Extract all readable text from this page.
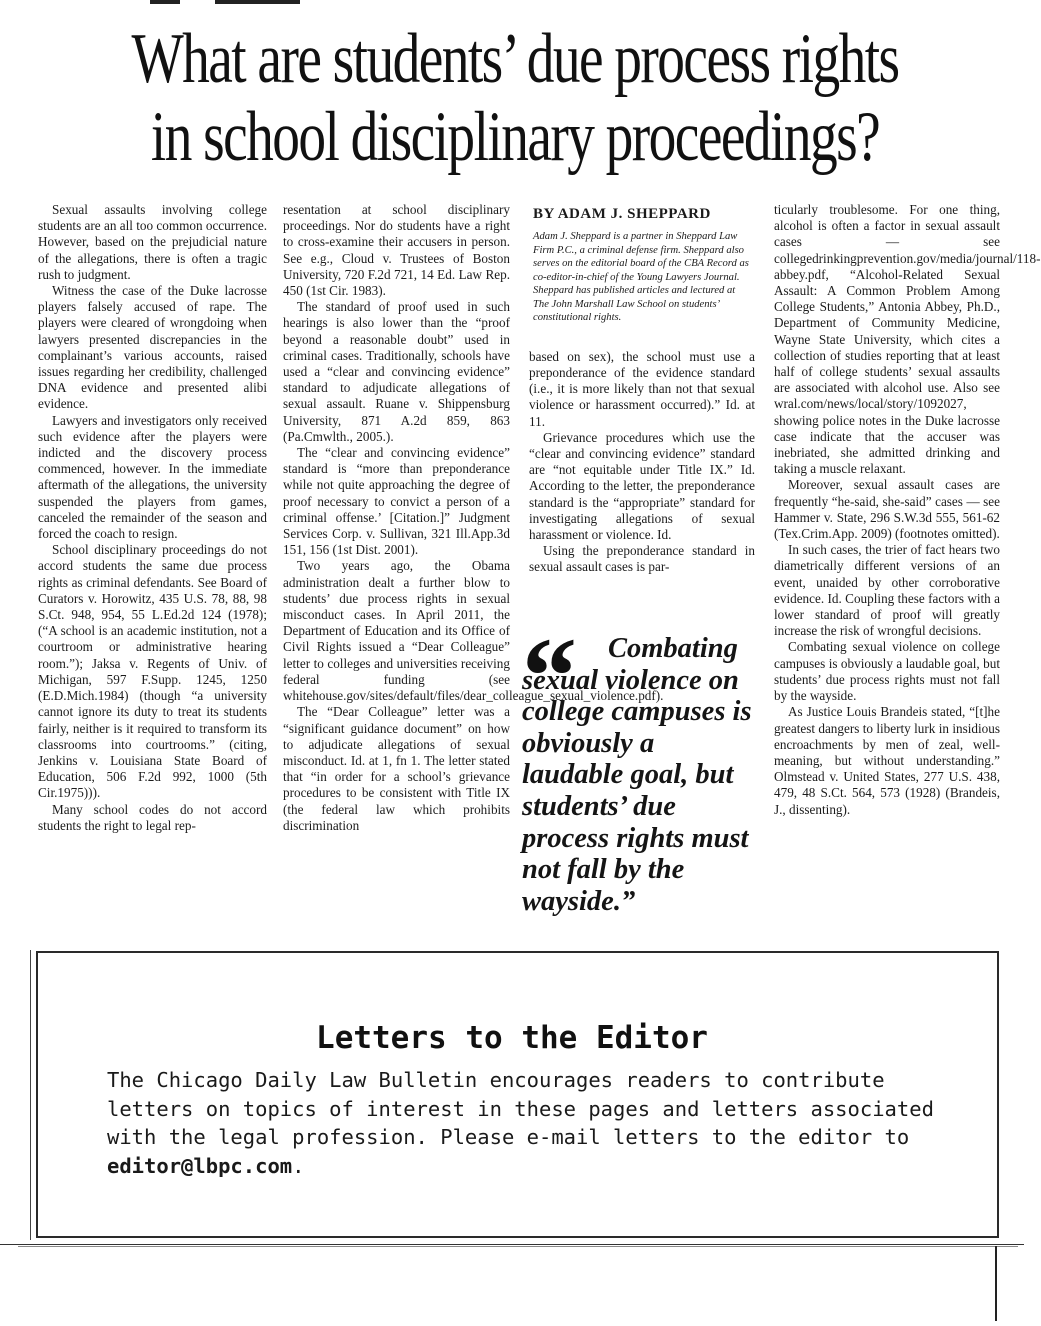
What are students’ due process rights
in school disciplinary proceedings?

Sexual assaults involving college students are an all too common occurrence. However, based on the prejudicial nature of the allegations, there is often a tragic rush to judgment.

Witness the case of the Duke lacrosse players falsely accused of rape. The players were cleared of wrongdoing when lawyers presented discrepancies in the complainant’s various accounts, raised issues regarding her credibility, challenged DNA evidence and presented alibi evidence.

Lawyers and investigators only received such evidence after the players were indicted and the discovery process commenced, however. In the immediate aftermath of the allegations, the university suspended the players from games, canceled the remainder of the season and forced the coach to resign.

School disciplinary proceedings do not accord students the same due process rights as criminal defendants. See Board of Curators v. Horowitz, 435 U.S. 78, 88, 98 S.Ct. 948, 954, 55 L.Ed.2d 124 (1978); (“A school is an academic institution, not a courtroom or administrative hearing room.”); Jaksa v. Regents of Univ. of Michigan, 597 F.Supp. 1245, 1250 (E.D.Mich.1984) (though “a university cannot ignore its duty to treat its students fairly, neither is it required to transform its classrooms into courtrooms.” (citing, Jenkins v. Louisiana State Board of Education, 506 F.2d 992, 1000 (5th Cir.1975))).

Many school codes do not accord students the right to legal rep-

resentation at school disciplinary proceedings. Nor do students have a right to cross-examine their accusers in person. See e.g., Cloud v. Trustees of Boston University, 720 F.2d 721, 14 Ed. Law Rep. 450 (1st Cir. 1983).

The standard of proof used in such hearings is also lower than the “proof beyond a reasonable doubt” used in criminal cases. Traditionally, schools have used a “clear and convincing evidence” standard to adjudicate allegations of sexual assault. Ruane v. Shippensburg University, 871 A.2d 859, 863 (Pa.Cmwlth., 2005.).

The “clear and convincing evidence” standard is “more than preponderance while not quite approaching the degree of proof necessary to convict a person of a criminal offense.’ [Citation.]” Judgment Services Corp. v. Sullivan, 321 Ill.App.3d 151, 156 (1st Dist. 2001).

Two years ago, the Obama administration dealt a further blow to students’ due process rights in sexual misconduct cases. In April 2011, the Department of Education and its Office of Civil Rights issued a “Dear Colleague” letter to colleges and universities receiving federal funding (see whitehouse.gov/sites/default/files/dear_colleague_sexual_violence.pdf).

The “Dear Colleague” letter was a “significant guidance document” on how to adjudicate allegations of sexual misconduct. Id. at 1, fn 1. The letter stated that “in order for a school’s grievance procedures to be consistent with Title IX (the federal law which prohibits discrimination

BY ADAM J. SHEPPARD
Adam J. Sheppard is a partner in Sheppard Law Firm P.C., a criminal defense firm. Sheppard also serves on the editorial board of the CBA Record as co-editor-in-chief of the Young Lawyers Journal. Sheppard has published articles and lectured at The John Marshall Law School on students’ constitutional rights.

based on sex), the school must use a preponderance of the evidence standard (i.e., it is more likely than not that sexual violence or harassment occurred).” Id. at 11.

Grievance procedures which use the “clear and convincing evidence” standard are “not equitable under Title IX.” Id. According to the letter, the preponderance standard is the “appropriate” standard for investigating allegations of sexual harassment or violence. Id.

Using the preponderance standard in sexual assault cases is par-

“	Combating sexual violence on college campuses is obviously a laudable goal, but students’ due process rights must not fall by the wayside.”

ticularly troublesome. For one thing, alcohol is often a factor in sexual assault cases — see collegedrinkingprevention.gov/media/journal/118-abbey.pdf, “Alcohol-Related Sexual Assault: A Common Problem Among College Students,” Antonia Abbey, Ph.D., Department of Community Medicine, Wayne State University, which cites a collection of studies reporting that at least half of college students’ sexual assaults are associated with alcohol use. Also see wral.com/news/local/story/1092027, showing police notes in the Duke lacrosse case indicate that the accuser was inebriated, she admitted drinking and taking a muscle relaxant.

Moreover, sexual assault cases are frequently “he-said, she-said” cases — see Hammer v. State, 296 S.W.3d 555, 561-62 (Tex.Crim.App. 2009) (footnotes omitted).

In such cases, the trier of fact hears two diametrically different versions of an event, unaided by other corroborative evidence. Id. Coupling these factors with a lower standard of proof will greatly increase the risk of wrongful decisions.

Combating sexual violence on college campuses is obviously a laudable goal, but students’ due process rights must not fall by the wayside.

As Justice Louis Brandeis stated, “[t]he greatest dangers to liberty lurk in insidious encroachments by men of zeal, well-meaning, but without understanding.” Olmstead v. United States, 277 U.S. 438, 479, 48 S.Ct. 564, 573 (1928) (Brandeis, J., dissenting).

Letters to the Editor

The Chicago Daily Law Bulletin encourages readers to contribute letters on topics of interest in these pages and letters associated with the legal profession. Please e-mail letters to the editor to editor@lbpc.com.
